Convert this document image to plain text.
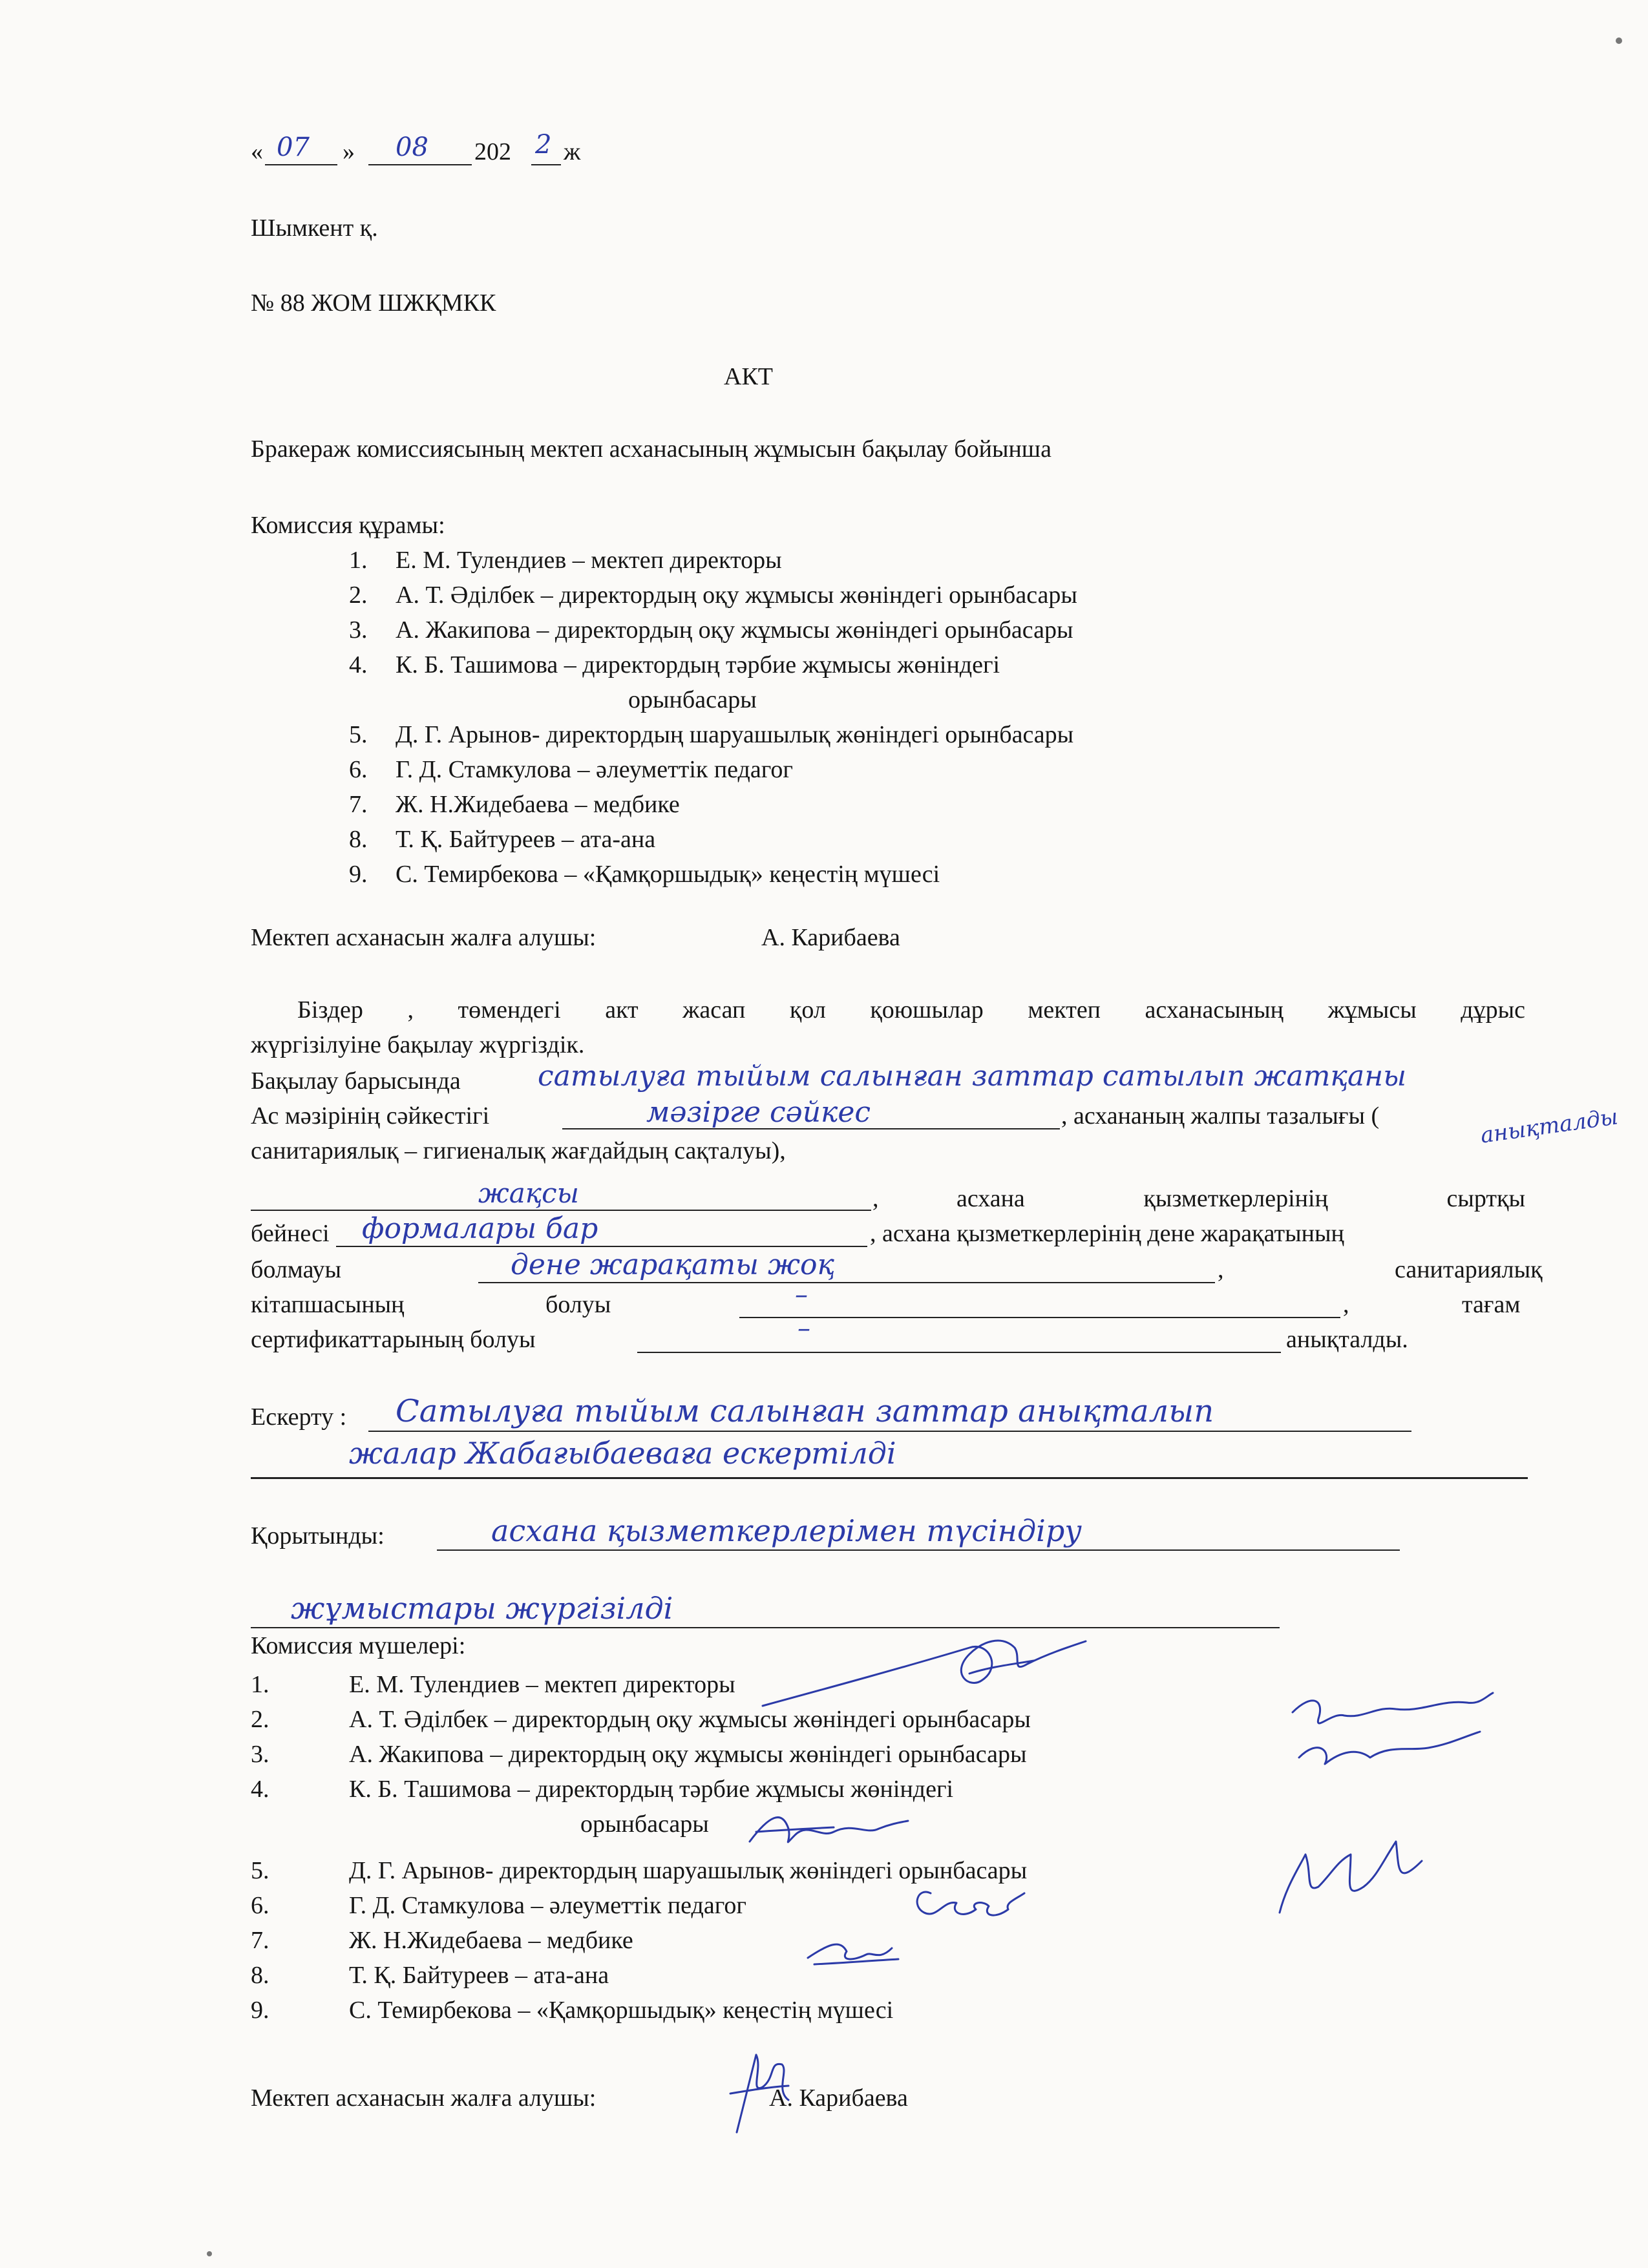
« 07 » 08 202 2 ж
Шымкент қ.
№ 88 ЖОМ ШЖҚМКК
АКТ
Бракераж комиссиясының мектеп асханасының жұмысын бақылау бойынша
Комиссия құрамы:
1. Е. М. Тулендиев – мектеп директоры
2. А. Т. Әділбек – директордың оқу жұмысы жөніндегі орынбасары
3. А. Жакипова – директордың оқу жұмысы жөніндегі орынбасары
4. К. Б. Ташимова – директордың тәрбие жұмысы жөніндегі
орынбасары
5. Д. Г. Арынов- директордың шаруашылық жөніндегі орынбасары
6. Г. Д. Стамкулова – әлеуметтік педагог
7. Ж. Н.Жидебаева – медбике
8. Т. Қ. Байтуреев – ата-ана
9. С. Темирбекова – «Қамқоршыдық» кеңестің мүшесі
Мектеп асханасын жалға алушы:	А. Карибаева
Біздер , төмендегі акт жасап қол қоюшылар мектеп асханасының жұмысы дұрыс
жүргізілуіне бақылау жүргіздік.
Бақылау барысында	сатылуға тыйым салынған заттар сатылып жатқаны
Ас мәзірінің сәйкестігі	мәзірге сәйкес	, асхананың жалпы тазалығы (	анықталды
санитариялық – гигиеналық жағдайдың сақталуы),
жақсы	,	асхана қызметкерлерінің сыртқы
бейнесі формалары бар	, асхана қызметкерлерінің дене жарақатының
болмауы	дене жарақаты жоқ	,	санитариялық
кітапшасының	болуы	–	,	тағам
сертификаттарының болуы	–	анықталды.
Ескерту : Сатылуға тыйым салынған заттар анықталып
жалар Жабағыбаеваға ескертілді
Қорытынды:	асхана қызметкерлерімен түсіндіру
жұмыстары жүргізілді
Комиссия мүшелері:
1.	Е. М. Тулендиев – мектеп директоры
2.	А. Т. Әділбек – директордың оқу жұмысы жөніндегі орынбасары
3.	А. Жакипова – директордың оқу жұмысы жөніндегі орынбасары
4.	К. Б. Ташимова – директордың тәрбие жұмысы жөніндегі
орынбасары
5.	Д. Г. Арынов- директордың шаруашылық жөніндегі орынбасары
6.	Г. Д. Стамкулова – әлеуметтік педагог
7.	Ж. Н.Жидебаева – медбике
8.	Т. Қ. Байтуреев – ата-ана
9.	С. Темирбекова – «Қамқоршыдық» кеңестің мүшесі
Мектеп асханасын жалға алушы:	А. Карибаева
